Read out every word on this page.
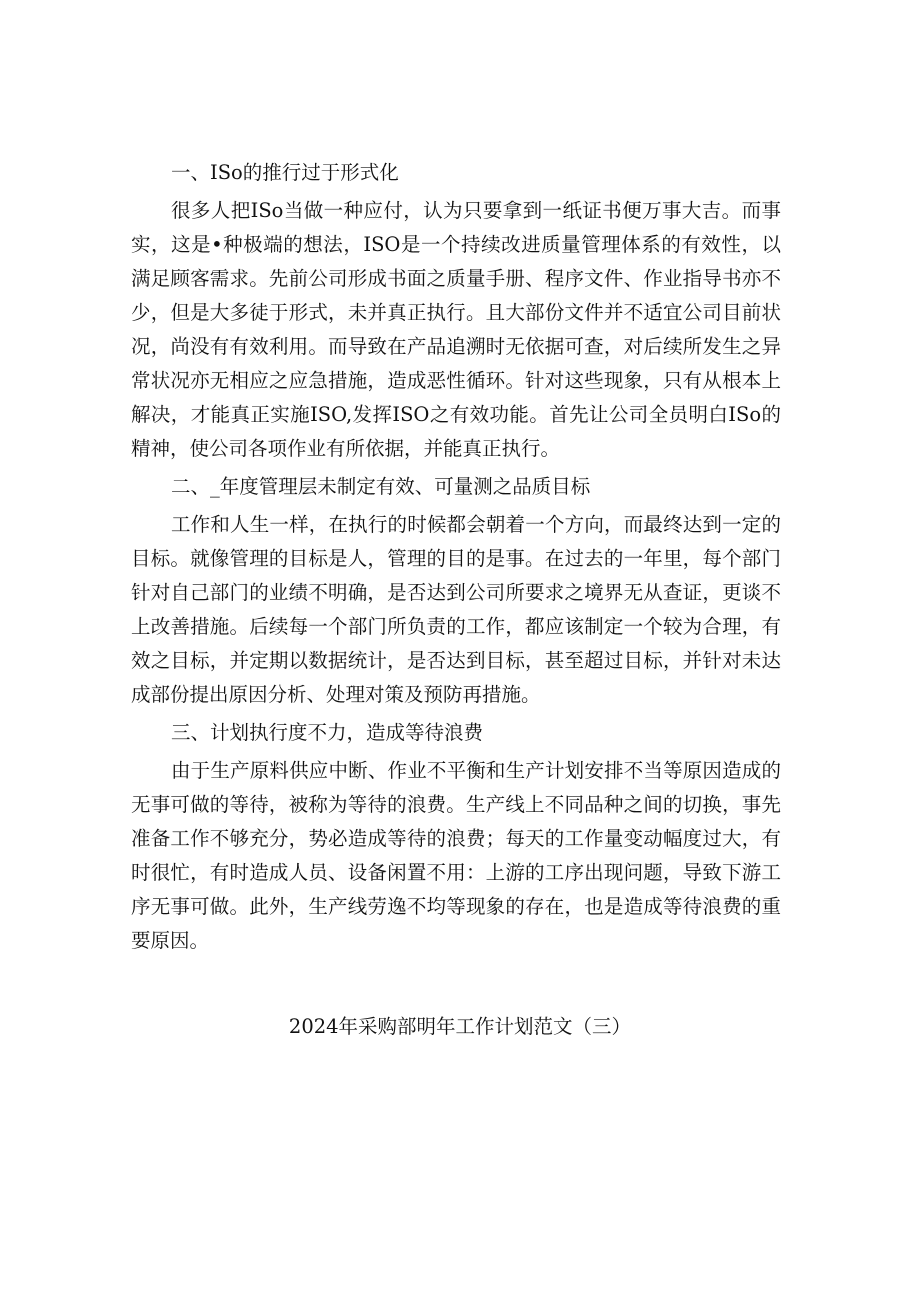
一、ISo的推行过于形式化

很多人把ISo当做一种应付，认为只要拿到一纸证书便万事大吉。而事实，这是•种极端的想法，ISO是一个持续改进质量管理体系的有效性，以满足顾客需求。先前公司形成书面之质量手册、程序文件、作业指导书亦不少，但是大多徒于形式，未并真正执行。且大部份文件并不适宜公司目前状况，尚没有有效利用。而导致在产品追溯时无依据可查，对后续所发生之异常状况亦无相应之应急措施，造成恶性循环。针对这些现象，只有从根本上解决，才能真正实施ISO,发挥ISO之有效功能。首先让公司全员明白ISo的精神，使公司各项作业有所依据，并能真正执行。

二、_年度管理层未制定有效、可量测之品质目标

工作和人生一样，在执行的时候都会朝着一个方向，而最终达到一定的目标。就像管理的目标是人，管理的目的是事。在过去的一年里，每个部门针对自己部门的业绩不明确，是否达到公司所要求之境界无从查证，更谈不上改善措施。后续每一个部门所负责的工作，都应该制定一个较为合理，有效之目标，并定期以数据统计，是否达到目标，甚至超过目标，并针对未达成部份提出原因分析、处理对策及预防再措施。

三、计划执行度不力，造成等待浪费

由于生产原料供应中断、作业不平衡和生产计划安排不当等原因造成的无事可做的等待，被称为等待的浪费。生产线上不同品种之间的切换，事先准备工作不够充分，势必造成等待的浪费；每天的工作量变动幅度过大，有时很忙，有时造成人员、设备闲置不用：上游的工序出现问题，导致下游工序无事可做。此外，生产线劳逸不均等现象的存在，也是造成等待浪费的重要原因。

2024年采购部明年工作计划范文（三）
